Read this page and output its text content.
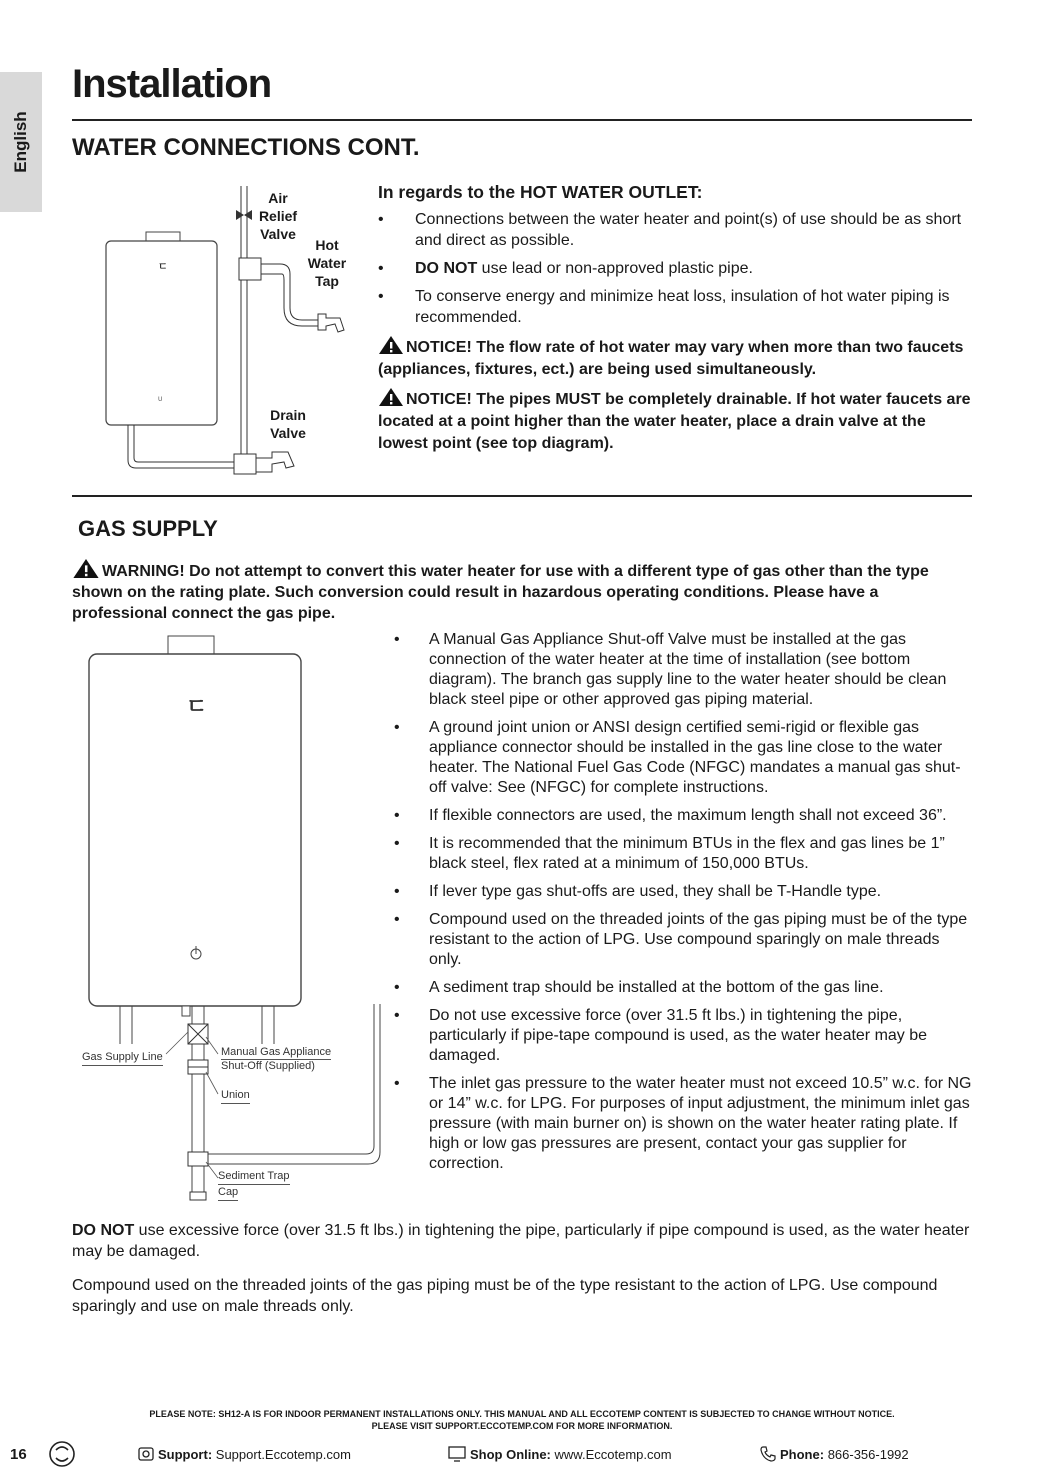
English
Installation
WATER CONNECTIONS CONT.
ㄷ
U
Air
Relief
Valve
Hot
Water
Tap
Drain
Valve
In regards to the HOT WATER OUTLET:
• Connections between the water heater and point(s) of use should be as short and direct as possible.
• DO NOT use lead or non-approved plastic pipe.
• To conserve energy and minimize heat loss, insulation of hot water piping is recommended.
NOTICE! The flow rate of hot water may vary when more than two faucets (appliances, fixtures, ect.) are being used simultaneously.
NOTICE! The pipes MUST be completely drainable. If hot water faucets are located at a point higher than the water heater, place a drain valve at the lowest point (see top diagram).
GAS SUPPLY
WARNING! Do not attempt to convert this water heater for use with a different type of gas other than the type shown on the rating plate. Such conversion could result in hazardous operating conditions. Please have a professional connect the gas pipe.
ㄷ
Gas Supply Line	Manual Gas Appliance
Shut-Off (Supplied)
Union
Sediment Trap
Cap
• A Manual Gas Appliance Shut-off Valve must be installed at the gas connection of the water heater at the time of installation (see bottom diagram). The branch gas supply line to the water heater should be clean black steel pipe or other approved gas piping material.
• A ground joint union or ANSI design certified semi-rigid or flexible gas appliance connector should be installed in the gas line close to the water heater. The National Fuel Gas Code (NFGC) mandates a manual gas shut-off valve: See (NFGC) for complete instructions.
• If flexible connectors are used, the maximum length shall not exceed 36”.
• It is recommended that the minimum BTUs in the flex and gas lines be 1” black steel, flex rated at a minimum of 150,000 BTUs.
• If lever type gas shut-offs are used, they shall be T-Handle type.
• Compound used on the threaded joints of the gas piping must be of the type resistant to the action of LPG. Use compound sparingly on male threads only.
• A sediment trap should be installed at the bottom of the gas line.
• Do not use excessive force (over 31.5 ft lbs.) in tightening the pipe, particularly if pipe-tape compound is used, as the water heater may be damaged.
• The inlet gas pressure to the water heater must not exceed 10.5” w.c. for NG or 14” w.c. for LPG. For purposes of input adjustment, the minimum inlet gas pressure (with main burner on) is shown on the water heater rating plate. If high or low gas pressures are present, contact your gas supplier for correction.
DO NOT use excessive force (over 31.5 ft lbs.) in tightening the pipe, particularly if pipe compound is used, as the water heater may be damaged.
Compound used on the threaded joints of the gas piping must be of the type resistant to the action of LPG. Use compound sparingly and use on male threads only.
PLEASE NOTE: SH12-A IS FOR INDOOR PERMANENT INSTALLATIONS ONLY. THIS MANUAL AND ALL ECCOTEMP CONTENT IS SUBJECTED TO CHANGE WITHOUT NOTICE.
PLEASE VISIT SUPPORT.ECCOTEMP.COM FOR MORE INFORMATION.
16	Support: Support.Eccotemp.com	Shop Online: www.Eccotemp.com	Phone: 866-356-1992
